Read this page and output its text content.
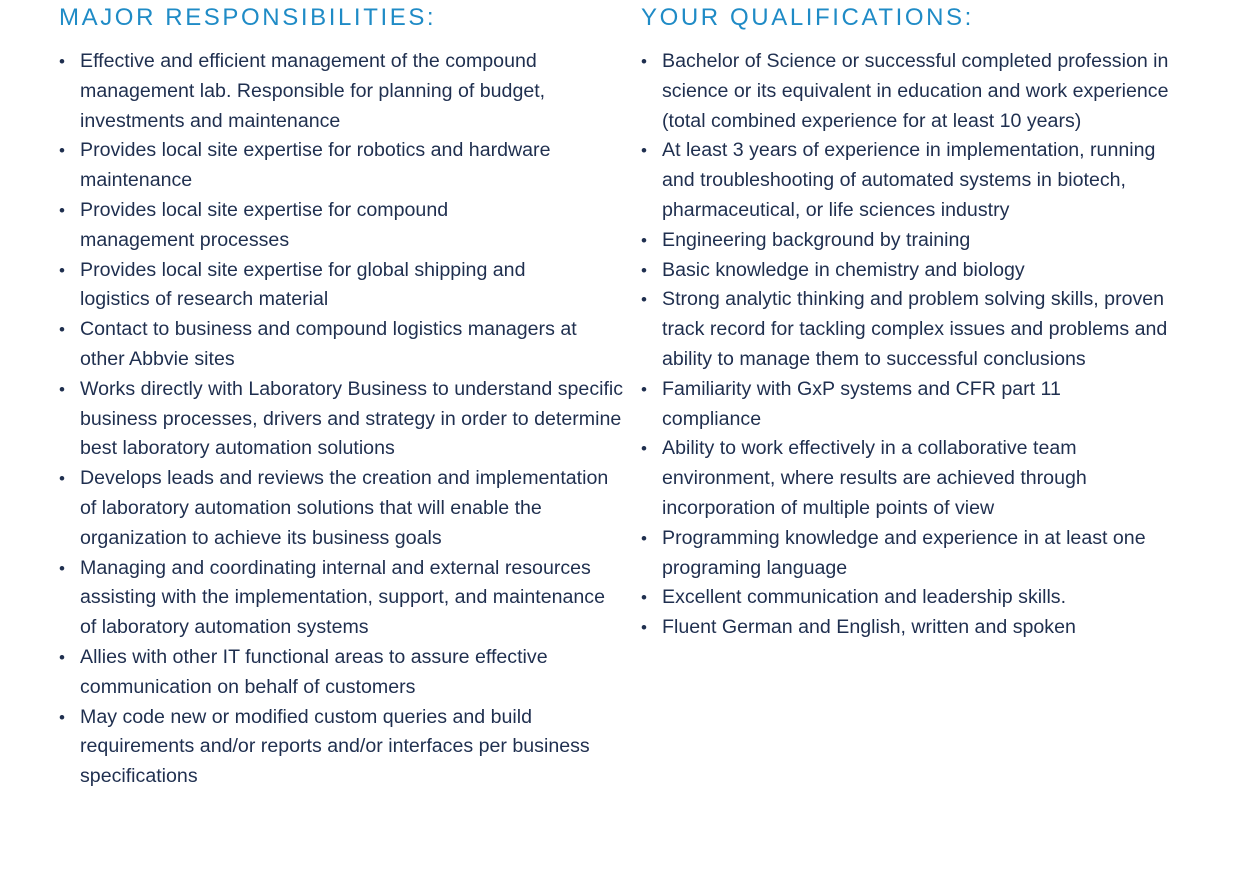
MAJOR RESPONSIBILITIES:
• Effective and efficient management of the compound management lab. Responsible for planning of budget, investments and maintenance
• Provides local site expertise for robotics and hardware maintenance
• Provides local site expertise for compound management processes
• Provides local site expertise for global shipping and logistics of research material
• Contact to business and compound logistics managers at other Abbvie sites
• Works directly with Laboratory Business to understand specific business processes, drivers and strategy in order to determine best laboratory automation solutions
• Develops leads and reviews the creation and implementation of laboratory automation solutions that will enable the organization to achieve its business goals
• Managing and coordinating internal and external resources assisting with the implementation, support, and maintenance of laboratory automation systems
• Allies with other IT functional areas to assure effective communication on behalf of customers
• May code new or modified custom queries and build requirements and/or reports and/or interfaces per business specifications
YOUR QUALIFICATIONS:
• Bachelor of Science or successful completed profession in science or its equivalent in education and work experience (total combined experience for at least 10 years)
• At least 3 years of experience in implementation, running and troubleshooting of automated systems in biotech, pharmaceutical, or life sciences industry
• Engineering background by training
• Basic knowledge in chemistry and biology
• Strong analytic thinking and problem solving skills, proven track record for tackling complex issues and problems and ability to manage them to successful conclusions
• Familiarity with GxP systems and CFR part 11 compliance
• Ability to work effectively in a collaborative team environment, where results are achieved through incorporation of multiple points of view
• Programming knowledge and experience in at least one programing language
• Excellent communication and leadership skills.
• Fluent German and English, written and spoken
